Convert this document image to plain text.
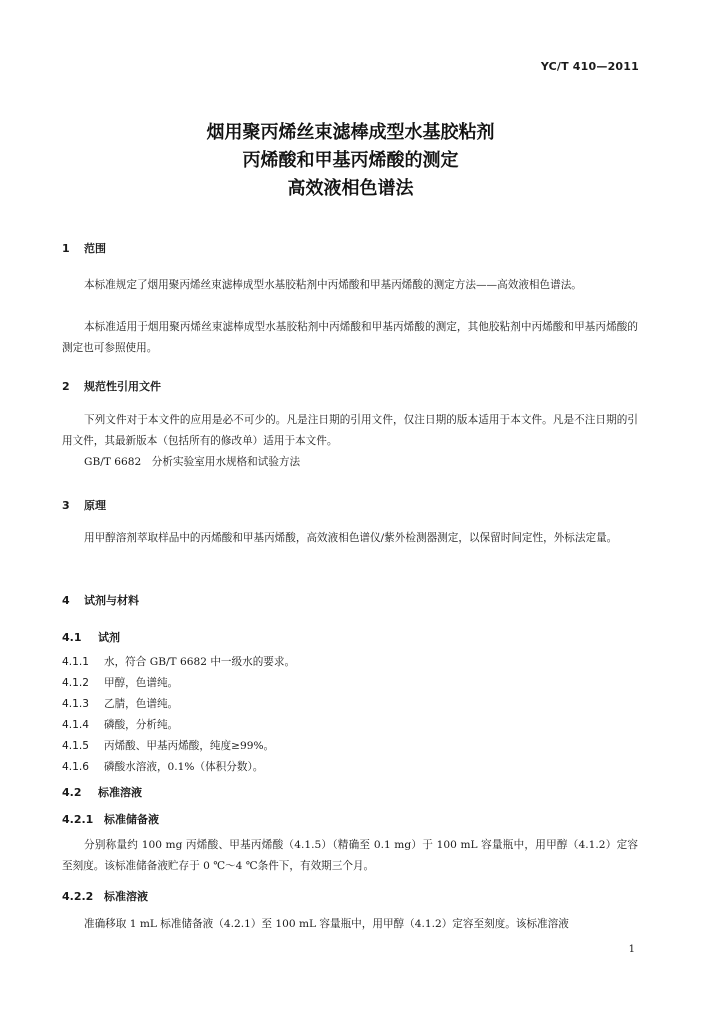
YC/T 410—2011
烟用聚丙烯丝束滤棒成型水基胶粘剂
丙烯酸和甲基丙烯酸的测定
高效液相色谱法
1 范围
本标准规定了烟用聚丙烯丝束滤棒成型水基胶粘剂中丙烯酸和甲基丙烯酸的测定方法——高效液相色谱法。
本标准适用于烟用聚丙烯丝束滤棒成型水基胶粘剂中丙烯酸和甲基丙烯酸的测定，其他胶粘剂中丙烯酸和甲基丙烯酸的测定也可参照使用。
2 规范性引用文件
下列文件对于本文件的应用是必不可少的。凡是注日期的引用文件，仅注日期的版本适用于本文件。凡是不注日期的引用文件，其最新版本（包括所有的修改单）适用于本文件。
GB/T 6682　分析实验室用水规格和试验方法
3 原理
用甲醇溶剂萃取样品中的丙烯酸和甲基丙烯酸，高效液相色谱仪/紫外检测器测定，以保留时间定性，外标法定量。
4 试剂与材料
4.1 试剂
4.1.1 水，符合 GB/T 6682 中一级水的要求。
4.1.2 甲醇，色谱纯。
4.1.3 乙腈，色谱纯。
4.1.4 磷酸，分析纯。
4.1.5 丙烯酸、甲基丙烯酸，纯度≥99%。
4.1.6 磷酸水溶液，0.1%（体积分数）。
4.2 标准溶液
4.2.1 标准储备液
分别称量约 100 mg 丙烯酸、甲基丙烯酸（4.1.5）（精确至 0.1 mg）于 100 mL 容量瓶中，用甲醇（4.1.2）定容至刻度。该标准储备液贮存于 0 ℃～4 ℃条件下，有效期三个月。
4.2.2 标准溶液
准确移取 1 mL 标准储备液（4.2.1）至 100 mL 容量瓶中，用甲醇（4.1.2）定容至刻度。该标准溶液
1
